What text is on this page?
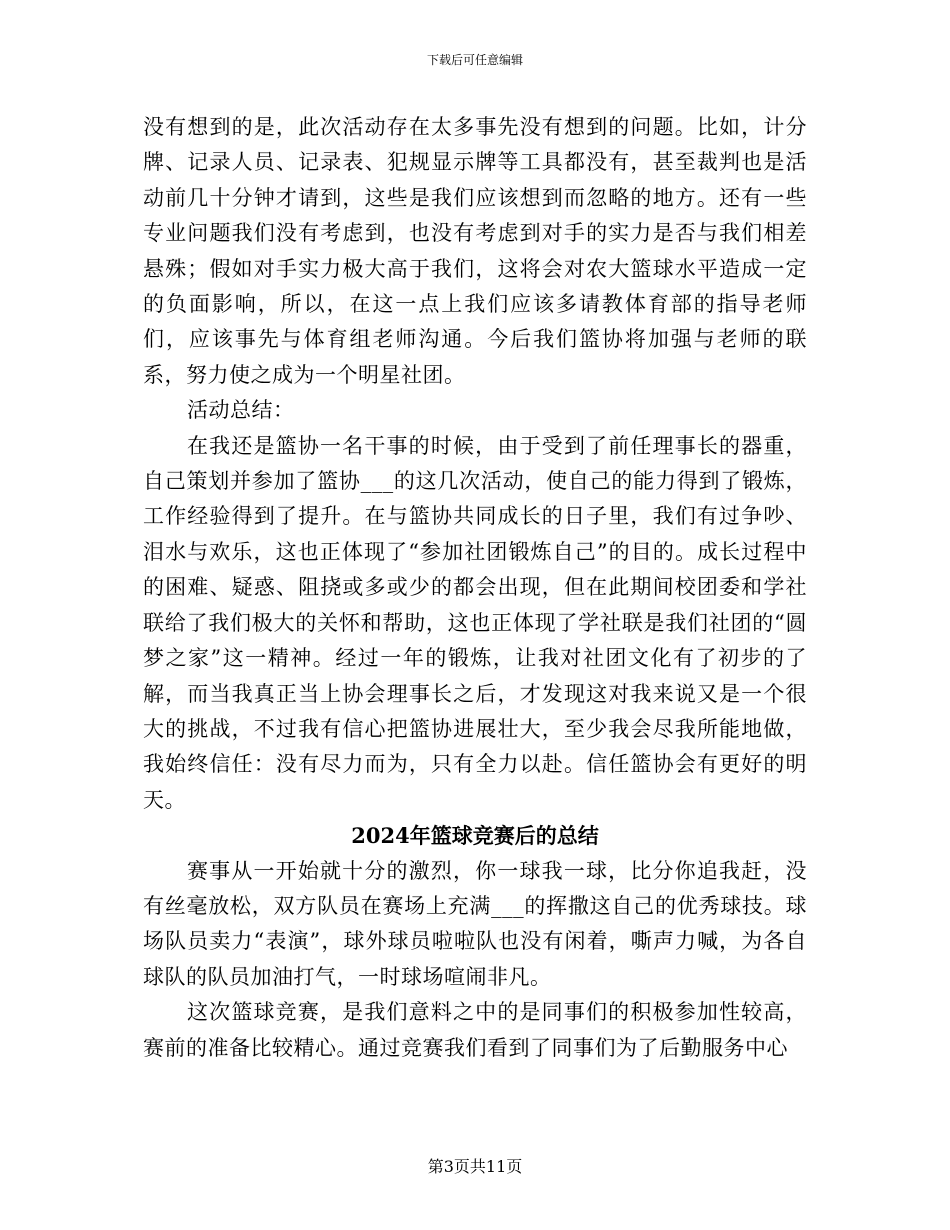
下载后可任意编辑

没有想到的是，此次活动存在太多事先没有想到的问题。比如，计分牌、记录人员、记录表、犯规显示牌等工具都没有，甚至裁判也是活动前几十分钟才请到，这些是我们应该想到而忽略的地方。还有一些专业问题我们没有考虑到，也没有考虑到对手的实力是否与我们相差悬殊；假如对手实力极大高于我们，这将会对农大篮球水平造成一定的负面影响，所以，在这一点上我们应该多请教体育部的指导老师们，应该事先与体育组老师沟通。今后我们篮协将加强与老师的联系，努力使之成为一个明星社团。

活动总结：

在我还是篮协一名干事的时候，由于受到了前任理事长的器重，自己策划并参加了篮协___的这几次活动，使自己的能力得到了锻炼，工作经验得到了提升。在与篮协共同成长的日子里，我们有过争吵、泪水与欢乐，这也正体现了“参加社团锻炼自己”的目的。成长过程中的困难、疑惑、阻挠或多或少的都会出现，但在此期间校团委和学社联给了我们极大的关怀和帮助，这也正体现了学社联是我们社团的“圆梦之家”这一精神。经过一年的锻炼，让我对社团文化有了初步的了解，而当我真正当上协会理事长之后，才发现这对我来说又是一个很大的挑战，不过我有信心把篮协进展壮大，至少我会尽我所能地做，我始终信任：没有尽力而为，只有全力以赴。信任篮协会有更好的明天。

2024年篮球竞赛后的总结

赛事从一开始就十分的激烈，你一球我一球，比分你追我赶，没有丝毫放松，双方队员在赛场上充满___的挥撒这自己的优秀球技。球场队员卖力“表演”，球外球员啦啦队也没有闲着，嘶声力喊，为各自球队的队员加油打气，一时球场喧闹非凡。

这次篮球竞赛，是我们意料之中的是同事们的积极参加性较高，赛前的准备比较精心。通过竞赛我们看到了同事们为了后勤服务中心

第3页共11页
